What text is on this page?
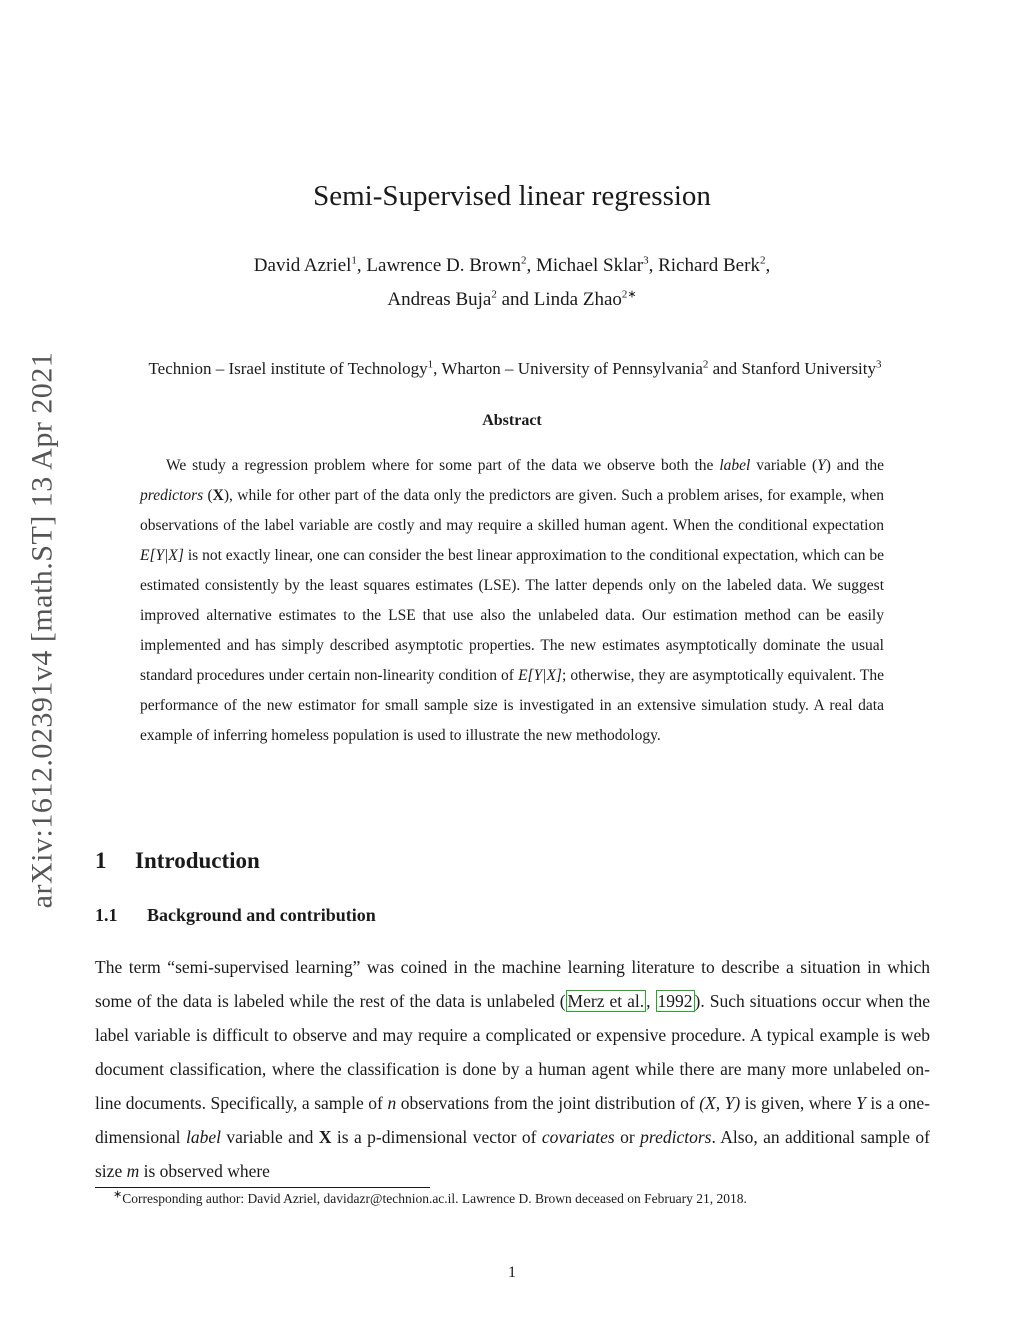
arXiv:1612.02391v4 [math.ST] 13 Apr 2021
Semi-Supervised linear regression
David Azriel$^1$, Lawrence D. Brown$^2$, Michael Sklar$^3$, Richard Berk$^2$,
Andreas Buja$^2$ and Linda Zhao$^{2∗}$
Technion – Israel institute of Technology$^1$, Wharton – University of Pennsylvania$^2$ and Stanford University$^3$
Abstract

We study a regression problem where for some part of the data we observe both the label variable (Y) and the predictors (X), while for other part of the data only the predictors are given. Such a problem arises, for example, when observations of the label variable are costly and may require a skilled human agent. When the conditional expectation E[Y|X] is not exactly linear, one can consider the best linear approximation to the conditional expectation, which can be estimated consistently by the least squares estimates (LSE). The latter depends only on the labeled data. We suggest improved alternative estimates to the LSE that use also the unlabeled data. Our estimation method can be easily implemented and has simply described asymptotic properties. The new estimates asymptotically dominate the usual standard procedures under certain non-linearity condition of E[Y|X]; otherwise, they are asymptotically equivalent. The performance of the new estimator for small sample size is investigated in an extensive simulation study. A real data example of inferring homeless population is used to illustrate the new methodology.

1 Introduction
1.1 Background and contribution

The term “semi-supervised learning” was coined in the machine learning literature to describe a situation in which some of the data is labeled while the rest of the data is unlabeled ( Merz et al. , 1992 ). Such situations occur when the label variable is difficult to observe and may require a complicated or expensive procedure. A typical example is web document classification, where the classification is done by a human agent while there are many more unlabeled on-line documents. Specifically, a sample of n observations from the joint distribution of (X, Y) is given, where Y is a one-dimensional label variable and X is a p-dimensional vector of covariates or predictors. Also, an additional sample of size m is observed where

∗Corresponding author: David Azriel, davidazr@technion.ac.il. Lawrence D. Brown deceased on February 21, 2018.
1
